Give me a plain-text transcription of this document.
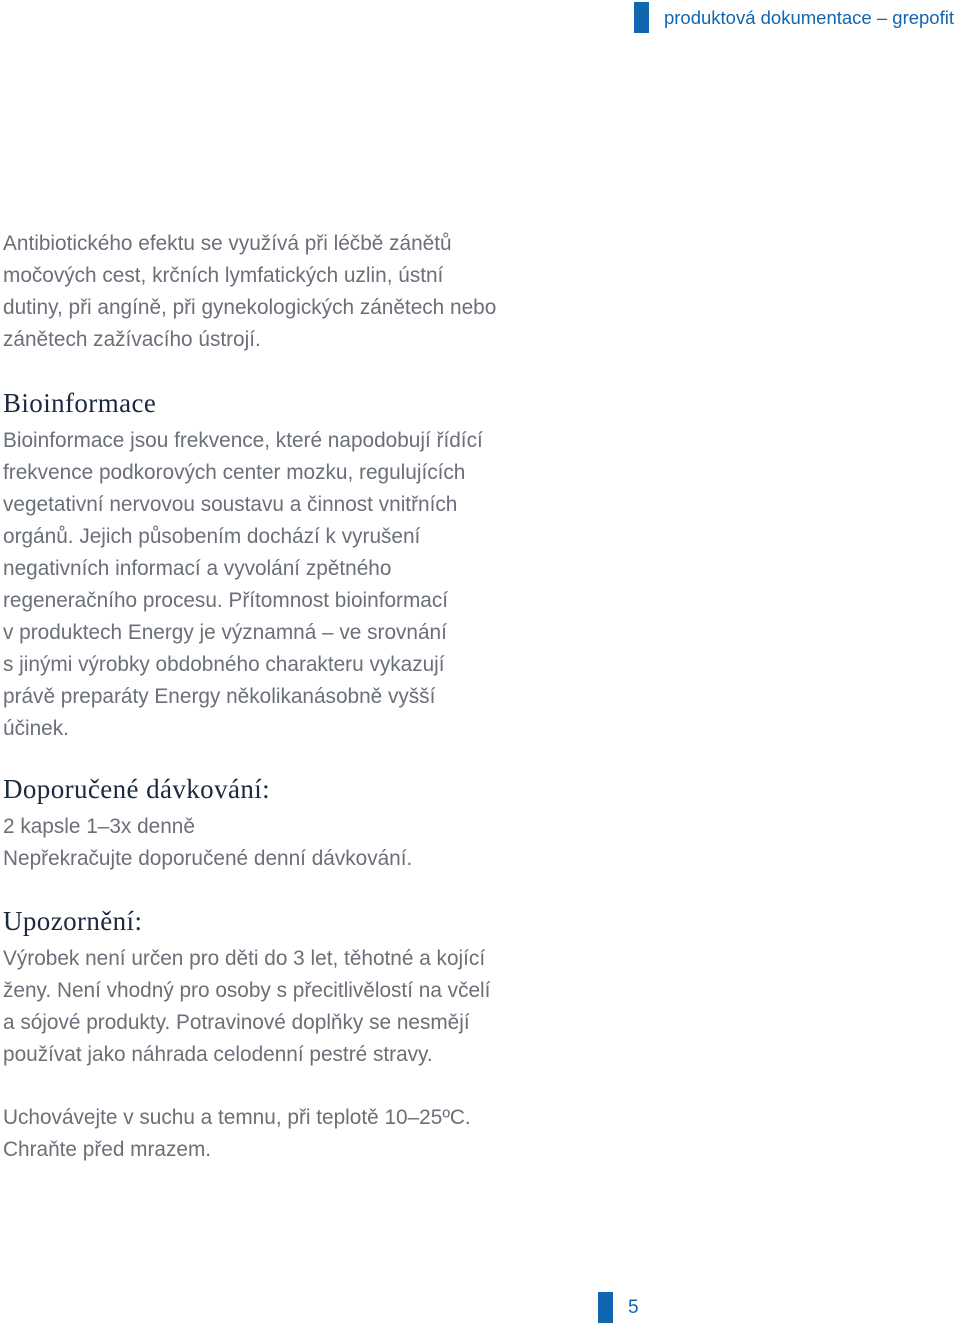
produktová dokumentace – grepofit
Antibiotického efektu se využívá při léčbě zánětů
močových cest, krčních lymfatických uzlin, ústní
dutiny, při angíně, při gynekologických zánětech nebo
zánětech zažívacího ústrojí.
Bioinformace
Bioinformace jsou frekvence, které napodobují řídící
frekvence podkorových center mozku, regulujících
vegetativní nervovou soustavu a činnost vnitřních
orgánů. Jejich působením dochází k vyrušení
negativních informací a vyvolání zpětného
regeneračního procesu. Přítomnost bioinformací
v produktech Energy je významná – ve srovnání
s jinými výrobky obdobného charakteru vykazují
právě preparáty Energy několikanásobně vyšší
účinek.
Doporučené dávkování:
2 kapsle 1–3x denně
Nepřekračujte doporučené denní dávkování.
Upozornění:
Výrobek není určen pro děti do 3 let, těhotné a kojící
ženy. Není vhodný pro osoby s přecitlivělostí na včelí
a sójové produkty. Potravinové doplňky se nesmějí
používat jako náhrada celodenní pestré stravy.
Uchovávejte v suchu a temnu, při teplotě 10–25ºC.
Chraňte před mrazem.
5
